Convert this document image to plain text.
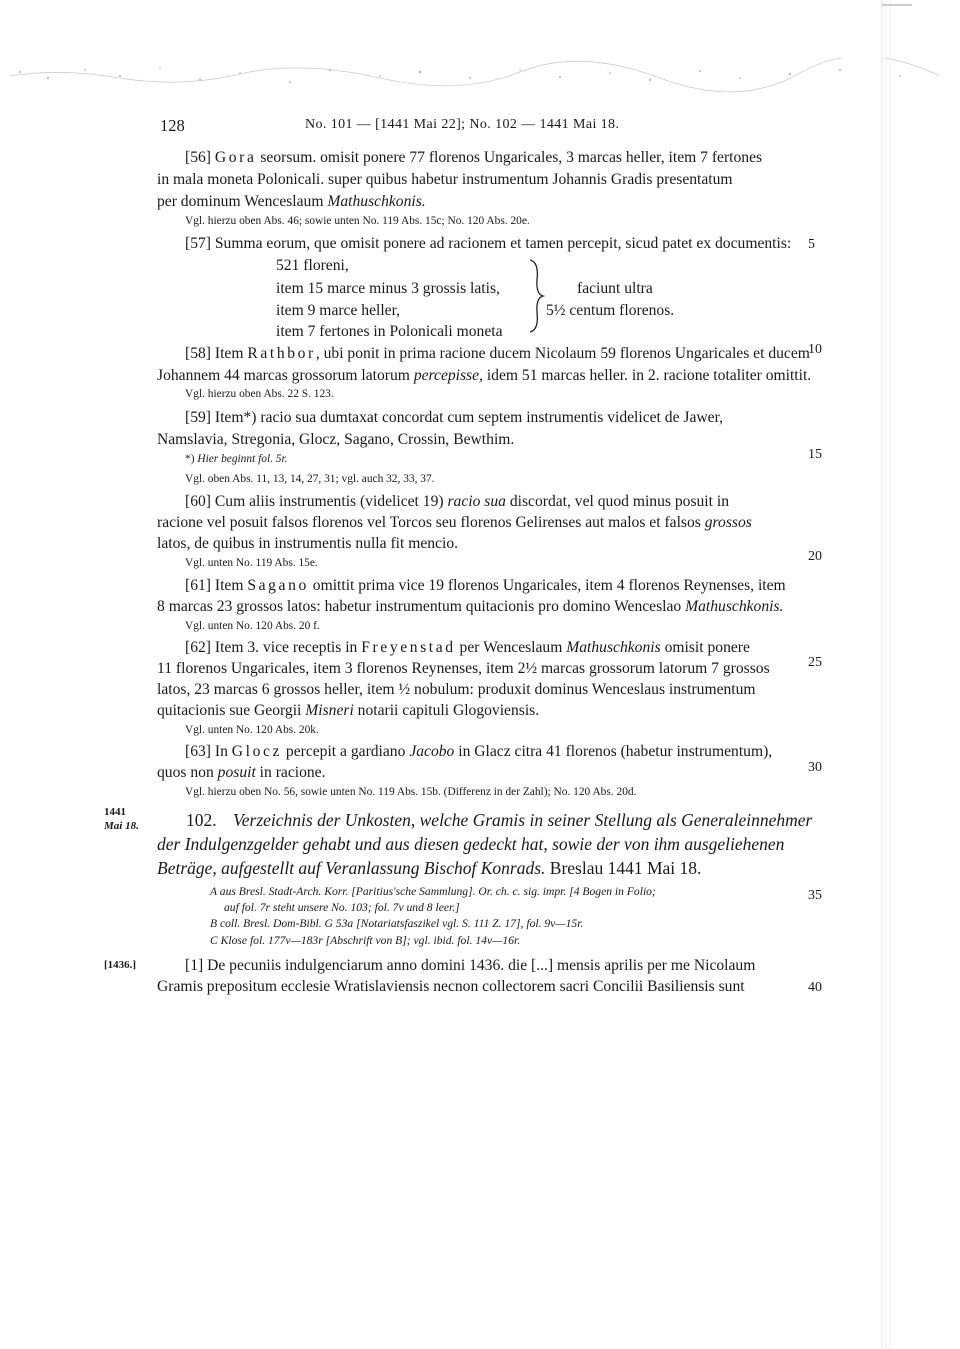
128	No. 101 — [1441 Mai 22]; No. 102 — 1441 Mai 18.
[56] Gora seorsum. omisit ponere 77 florenos Ungaricales, 3 marcas heller, item 7 fertones
in mala moneta Polonicali. super quibus habetur instrumentum Johannis Gradis presentatum
per dominum Wenceslaum Mathuschkonis.
Vgl. hierzu oben Abs. 46; sowie unten No. 119 Abs. 15c; No. 120 Abs. 20e.
[57] Summa eorum, que omisit ponere ad racionem et tamen percepit, sicud patet ex documentis:
521 floreni,
item 15 marce minus 3 grossis latis,
item 9 marce heller,
item 7 fertones in Polonicali moneta
faciunt ultra
5½ centum florenos.
[58] Item Rathbor, ubi ponit in prima racione ducem Nicolaum 59 florenos Ungaricales et ducem
Johannem 44 marcas grossorum latorum percepisse, idem 51 marcas heller. in 2. racione totaliter omittit.
Vgl. hierzu oben Abs. 22 S. 123.
[59] Item*) racio sua dumtaxat concordat cum septem instrumentis videlicet de Jawer,
Namslavia, Stregonia, Glocz, Sagano, Crossin, Bewthim.
*) Hier beginnt fol. 5r.
Vgl. oben Abs. 11, 13, 14, 27, 31; vgl. auch 32, 33, 37.
[60] Cum aliis instrumentis (videlicet 19) racio sua discordat, vel quod minus posuit in
racione vel posuit falsos florenos vel Torcos seu florenos Gelirenses aut malos et falsos grossos
latos, de quibus in instrumentis nulla fit mencio.
Vgl. unten No. 119 Abs. 15e.
[61] Item Sagano omittit prima vice 19 florenos Ungaricales, item 4 florenos Reynenses, item
8 marcas 23 grossos latos: habetur instrumentum quitacionis pro domino Wenceslao Mathuschkonis.
Vgl. unten No. 120 Abs. 20 f.
[62] Item 3. vice receptis in Freyenstad per Wenceslaum Mathuschkonis omisit ponere
11 florenos Ungaricales, item 3 florenos Reynenses, item 2½ marcas grossorum latorum 7 grossos
latos, 23 marcas 6 grossos heller, item ½ nobulum: produxit dominus Wenceslaus instrumentum
quitacionis sue Georgii Misneri notarii capituli Glogoviensis.
Vgl. unten No. 120 Abs. 20k.
[63] In Glocz percepit a gardiano Jacobo in Glacz citra 41 florenos (habetur instrumentum),
quos non posuit in racione.
Vgl. hierzu oben No. 56, sowie unten No. 119 Abs. 15b. (Differenz in der Zahl); No. 120 Abs. 20d.
1441
Mai 18.	102. Verzeichnis der Unkosten, welche Gramis in seiner Stellung als Generaleinnehmer
der Indulgenzgelder gehabt und aus diesen gedeckt hat, sowie der von ihm ausgeliehenen
Beträge, aufgestellt auf Veranlassung Bischof Konrads. Breslau 1441 Mai 18.
A aus Bresl. Stadt-Arch. Korr. [Paritius'sche Sammlung]. Or. ch. c. sig. impr. [4 Bogen in Folio;
auf fol. 7r steht unsere No. 103; fol. 7v und 8 leer.]
B coll. Bresl. Dom-Bibl. G 53a [Notariatsfaszikel vgl. S. 111 Z. 17], fol. 9v—15r.
C Klose fol. 177v—183r [Abschrift von B]; vgl. ibid. fol. 14v—16r.
[1436.]	[1] De pecuniis indulgenciarum anno domini 1436. die [...] mensis aprilis per me Nicolaum
Gramis prepositum ecclesie Wratislaviensis necnon collectorem sacri Concilii Basiliensis sunt
5
10
15
20
25
30
35
40
